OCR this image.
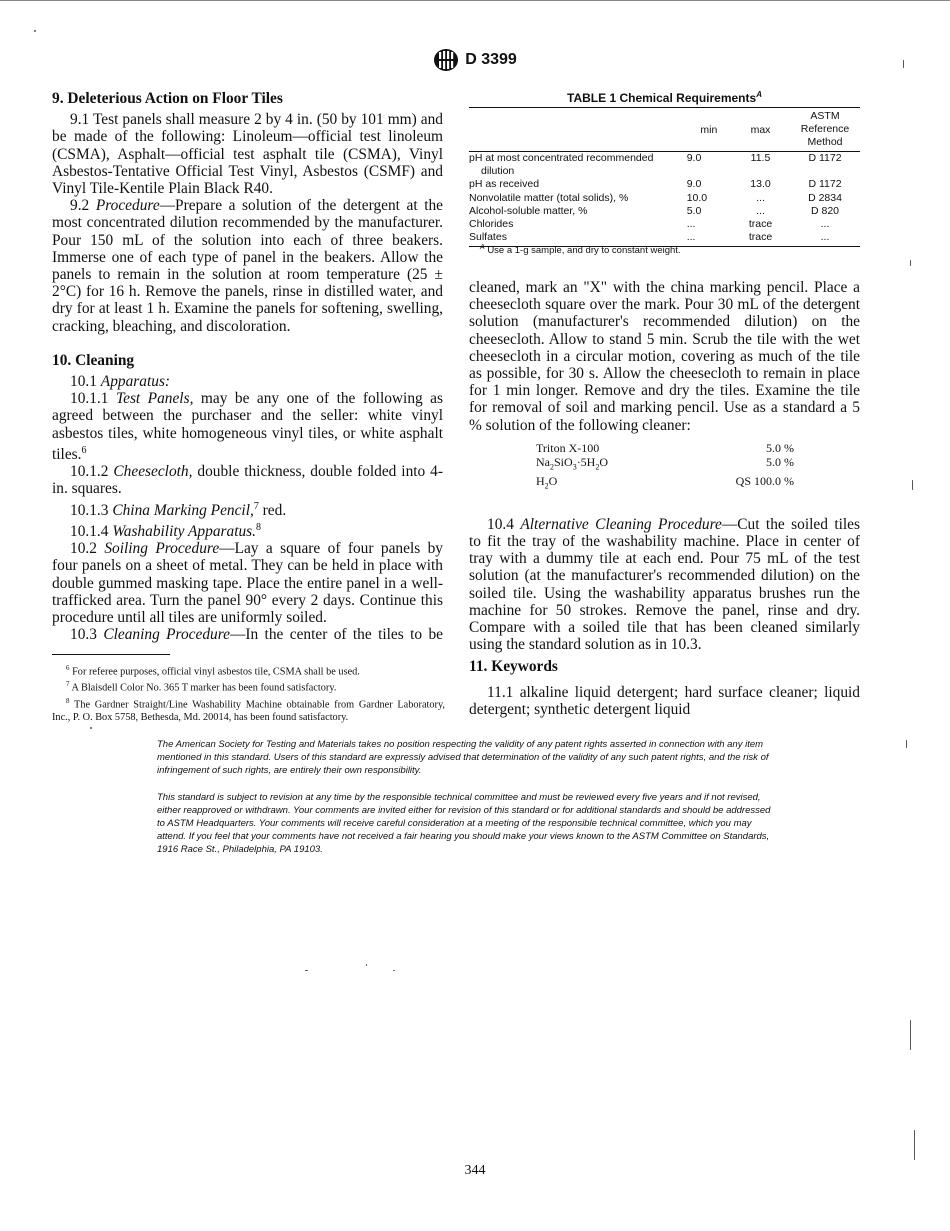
D 3399
9. Deleterious Action on Floor Tiles

9.1 Test panels shall measure 2 by 4 in. (50 by 101 mm) and be made of the following: Linoleum—official test linoleum (CSMA), Asphalt—official test asphalt tile (CSMA), Vinyl Asbestos-Tentative Official Test Vinyl, Asbestos (CSMF) and Vinyl Tile-Kentile Plain Black R40.

9.2 Procedure—Prepare a solution of the detergent at the most concentrated dilution recommended by the manufacturer. Pour 150 mL of the solution into each of three beakers. Immerse one of each type of panel in the beakers. Allow the panels to remain in the solution at room temperature (25 ± 2°C) for 16 h. Remove the panels, rinse in distilled water, and dry for at least 1 h. Examine the panels for softening, swelling, cracking, bleaching, and discoloration.

10. Cleaning

10.1 Apparatus:

10.1.1 Test Panels, may be any one of the following as agreed between the purchaser and the seller: white vinyl asbestos tiles, white homogeneous vinyl tiles, or white asphalt tiles.$^6$

10.1.2 Cheesecloth, double thickness, double folded into 4-in. squares.

10.1.3 China Marking Pencil,$^7$ red.

10.1.4 Washability Apparatus.$^8$

10.2 Soiling Procedure—Lay a square of four panels by four panels on a sheet of metal. They can be held in place with double gummed masking tape. Place the entire panel in a well-trafficked area. Turn the panel 90° every 2 days. Continue this procedure until all tiles are uniformly soiled.

10.3 Cleaning Procedure—In the center of the tiles to be

TABLE 1 Chemical Requirements$^A$
	min	max	ASTM Reference Method
pH at most concentrated recommended
dilution	9.0	11.5	D 1172
pH as received	9.0	13.0	D 1172
Nonvolatile matter (total solids), %	10.0	...	D 2834
Alcohol-soluble matter, %	5.0	...	D 820
Chlorides	...	trace	...
Sulfates	...	trace	...
$^A$ Use a 1-g sample, and dry to constant weight.

cleaned, mark an "X" with the china marking pencil. Place a cheesecloth square over the mark. Pour 30 mL of the detergent solution (manufacturer's recommended dilution) on the cheesecloth. Allow to stand 5 min. Scrub the tile with the wet cheesecloth in a circular motion, covering as much of the tile as possible, for 30 s. Allow the cheesecloth to remain in place for 1 min longer. Remove and dry the tiles. Examine the tile for removal of soil and marking pencil. Use as a standard a 5 % solution of the following cleaner:

10.4 Alternative Cleaning Procedure—Cut the soiled tiles to fit the tray of the washability machine. Place in center of tray with a dummy tile at each end. Pour 75 mL of the test solution (at the manufacturer's recommended dilution) on the soiled tile. Using the washability apparatus brushes run the machine for 50 strokes. Remove the panel, rinse and dry. Compare with a soiled tile that has been cleaned similarly using the standard solution as in 10.3.

Triton X-100	5.0 %
$Na_2SiO_3\cdot 5H_2O$	5.0 %
$H_2O$	QS 100.0 %
11. Keywords

11.1 alkaline liquid detergent; hard surface cleaner; liquid detergent; synthetic detergent liquid

$^6$ For referee purposes, official vinyl asbestos tile, CSMA shall be used.

$^7$ A Blaisdell Color No. 365 T marker has been found satisfactory.

$^8$ The Gardner Straight/Line Washability Machine obtainable from Gardner Laboratory, Inc., P. O. Box 5758, Bethesda, Md. 20014, has been found satisfactory.

The American Society for Testing and Materials takes no position respecting the validity of any patent rights asserted in connection with any item mentioned in this standard. Users of this standard are expressly advised that determination of the validity of any such patent rights, and the risk of infringement of such rights, are entirely their own responsibility.

This standard is subject to revision at any time by the responsible technical committee and must be reviewed every five years and if not revised, either reapproved or withdrawn. Your comments are invited either for revision of this standard or for additional standards and should be addressed to ASTM Headquarters. Your comments will receive careful consideration at a meeting of the responsible technical committee, which you may attend. If you feel that your comments have not received a fair hearing you should make your views known to the ASTM Committee on Standards, 1916 Race St., Philadelphia, PA 19103.

344
